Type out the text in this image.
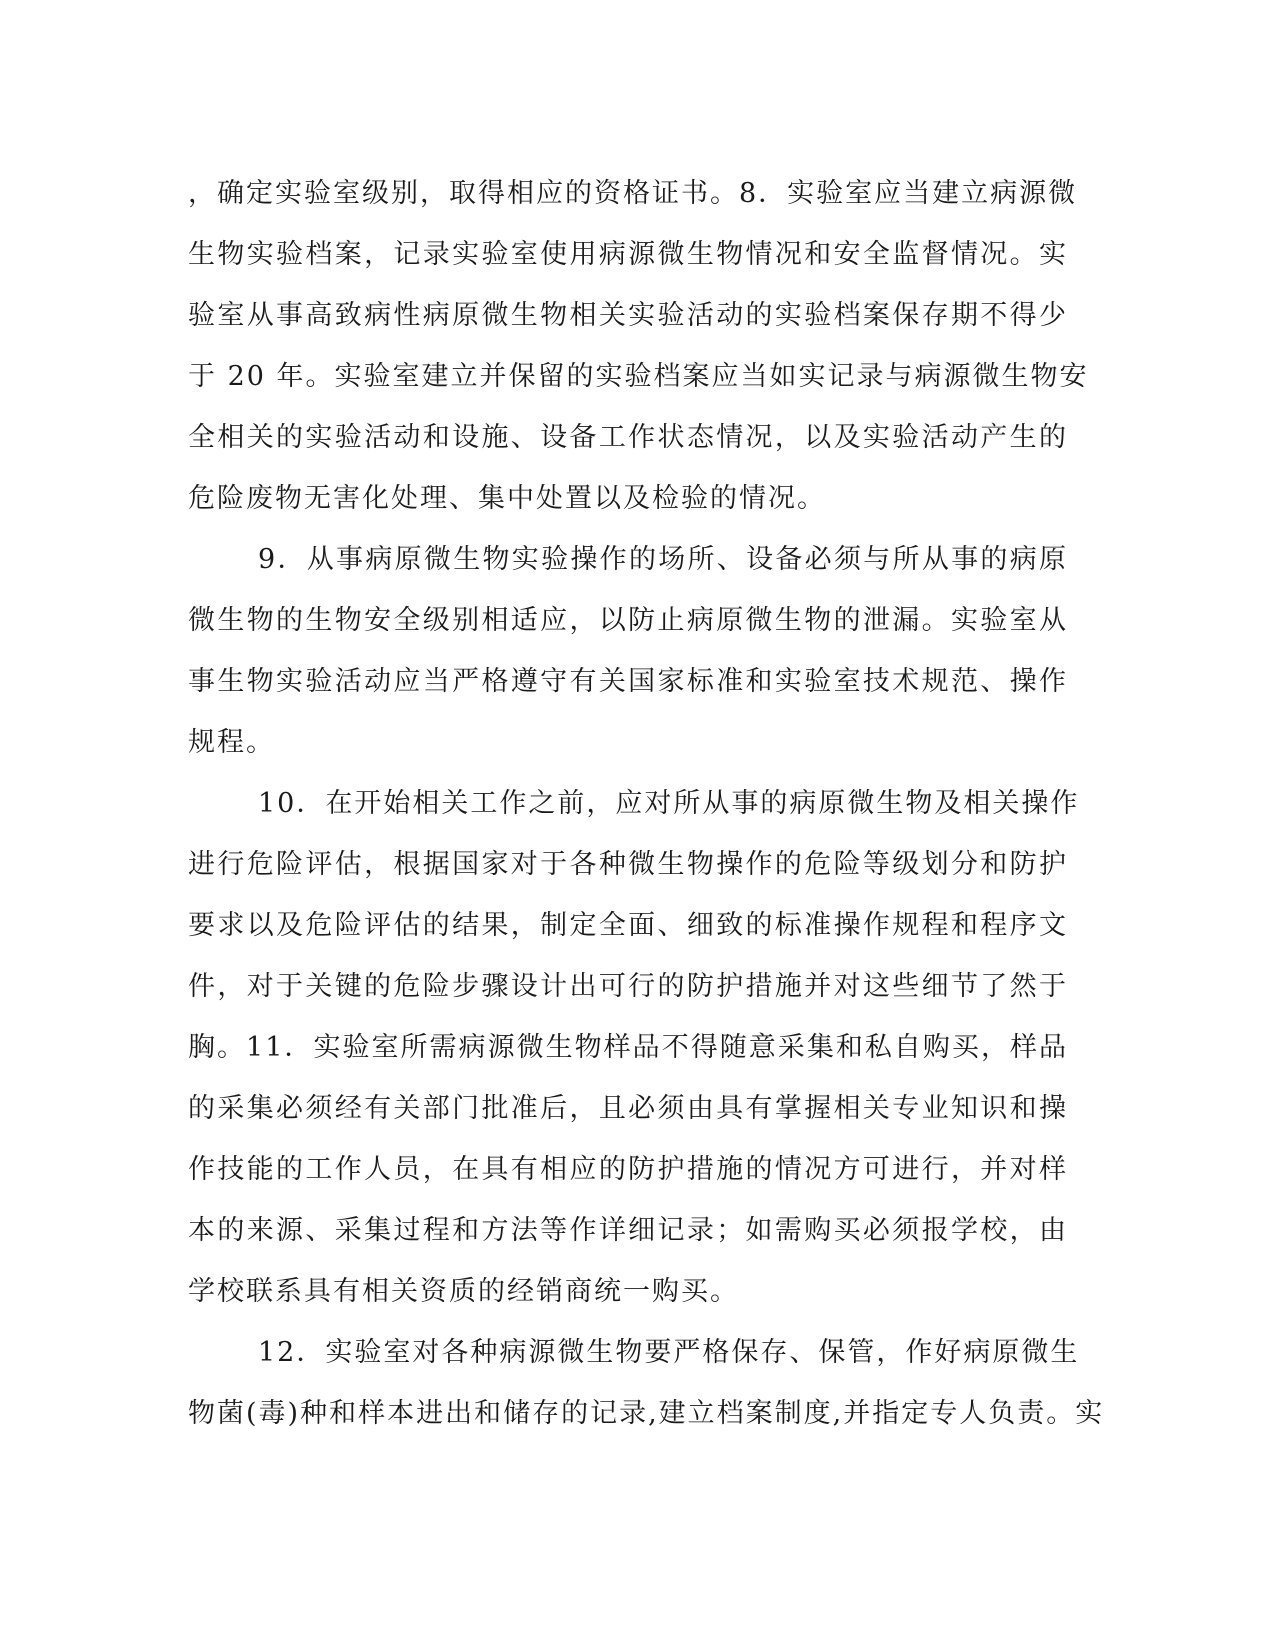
，确定实验室级别，取得相应的资格证书。8．实验室应当建立病源微
生物实验档案，记录实验室使用病源微生物情况和安全监督情况。实
验室从事高致病性病原微生物相关实验活动的实验档案保存期不得少
于 20 年。实验室建立并保留的实验档案应当如实记录与病源微生物安
全相关的实验活动和设施、设备工作状态情况，以及实验活动产生的
危险废物无害化处理、集中处置以及检验的情况。
9．从事病原微生物实验操作的场所、设备必须与所从事的病原
微生物的生物安全级别相适应，以防止病原微生物的泄漏。实验室从
事生物实验活动应当严格遵守有关国家标准和实验室技术规范、操作
规程。
10．在开始相关工作之前，应对所从事的病原微生物及相关操作
进行危险评估，根据国家对于各种微生物操作的危险等级划分和防护
要求以及危险评估的结果，制定全面、细致的标准操作规程和程序文
件，对于关键的危险步骤设计出可行的防护措施并对这些细节了然于
胸。11．实验室所需病源微生物样品不得随意采集和私自购买，样品
的采集必须经有关部门批准后，且必须由具有掌握相关专业知识和操
作技能的工作人员，在具有相应的防护措施的情况方可进行，并对样
本的来源、采集过程和方法等作详细记录；如需购买必须报学校，由
学校联系具有相关资质的经销商统一购买。
12．实验室对各种病源微生物要严格保存、保管，作好病原微生
物菌(毒)种和样本进出和储存的记录,建立档案制度,并指定专人负责。实
